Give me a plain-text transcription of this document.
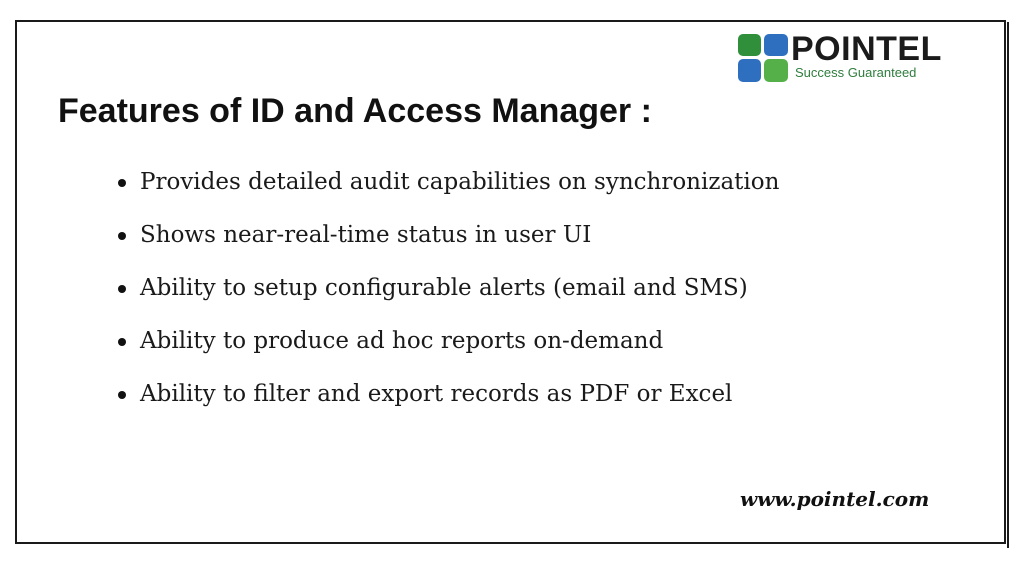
POINTEL
Success Guaranteed
Features of ID and Access Manager :
Provides detailed audit capabilities on synchronization
Shows near-real-time status in user UI
Ability to setup configurable alerts (email and SMS)
Ability to produce ad hoc reports on-demand
Ability to filter and export records as PDF or Excel
www.pointel.com
